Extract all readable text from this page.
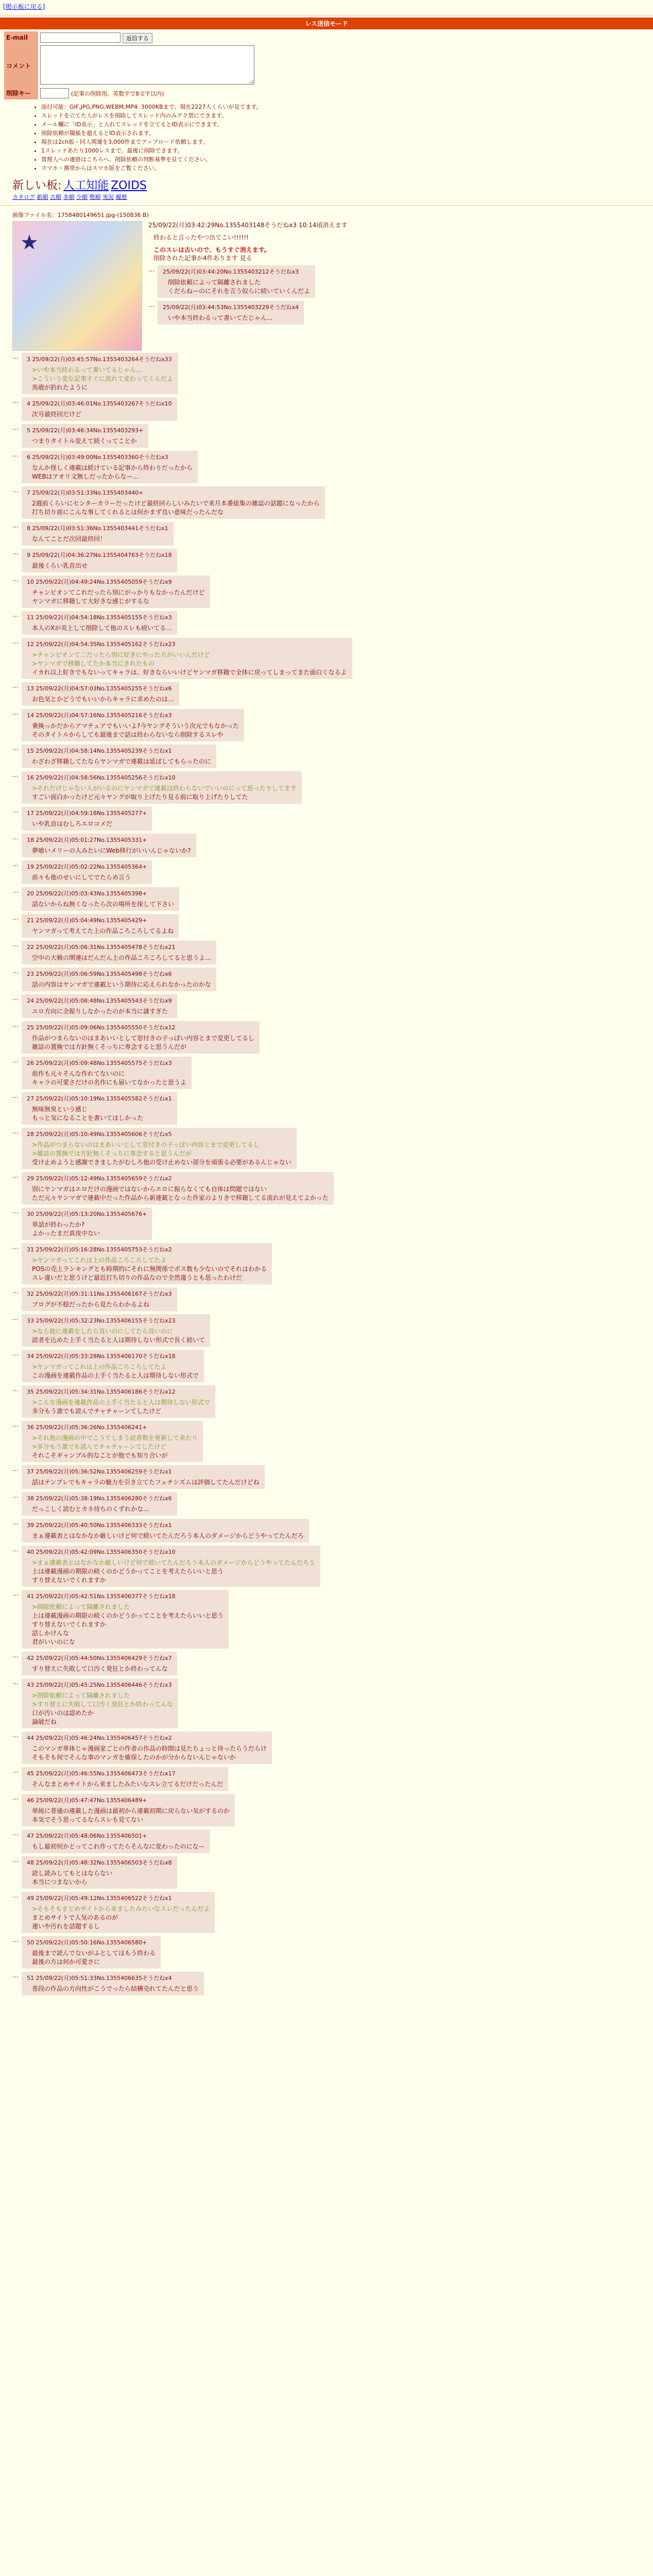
[掲示板に戻る]
レス送信モード
E-mail	返信する
コメント	
削除キー	(記事の削除用。英数字で8文字以内)
• 添付可能：GIF,JPG,PNG,WEBM,MP4. 3000KBまで、現在2227人くらいが見てます。
• スレッドを立てた人がレスを削除してスレッド内のみアク禁にできます。
• メール欄に「ID表示」と入れてスレッドを立てるとID表示にできます。
• 削除依頼が閾値を超えるとID表示されます。
• 現在は2ch版・同人関連を3,000件までアップロード依頼します。
• 1スレッドあたり1000レスまで。最後に削除できます。
• 管理人への連絡はこちらへ。削除依頼の判断基準を見てください。
• スマホ・携帯からはスマホ版をご覧ください。
新しい板: 人工知能 ZOIDS
カタログ 新順 古順 多順 少順 勢順 実況 履歴
画像ファイル名：1758480149651.jpg-(150836 B)
★
25/09/22(月)03:42:29No.1355403148そうだねx3 10:14頃消えます
終わると言ったやつ出てこい!!!!!!
このスレは古いので、もうすぐ消えます。
削除された記事が4件あります 見る
… 25/09/22(月)03:44:20No.1355403212そうだねx3
削除依頼によって隔離されました
くだらねーのにそれを言う奴らに続いていくんだよ
… 25/09/22(月)03:44:53No.1355403229そうだねx4
いや本当終わるって書いてたじゃん...
… 3 25/09/22(月)03:45:57No.1355403264そうだねx33
>いや本当終わるって書いてるじゃん…
>こういう変な記事すぐに流れて変わってくんだよ
馬鹿が釣れたように
… 4 25/09/22(月)03:46:01No.1355403267そうだねx10
次号最終回だけど
… 5 25/09/22(月)03:46:34No.1355403293+
つまりタイトル変えて続くってことか
… 6 25/09/22(月)03:49:00No.1355403360そうだねx3
なんか怪しく連載は続けている記事から終わりだったから
WEBはアオリ文無しだったからなー…
… 7 25/09/22(月)03:51:33No.1355403440+
2週前くらいにセンターカラーだったけど最終回らしいみたいで来月本番総集の雑誌の話題になったから
打ち切り前にこんな事してくれるとは何かまず良い意味だったんだな
… 8 25/09/22(月)03:51:36No.1355403441そうだねx1
なんてことだ次回最終回！
… 9 25/09/22(月)04:36:27No.1355404763そうだねx18
最後くらい乳首出せ
… 10 25/09/22(月)04:49:24No.1355405059そうだねx9
チャンピオンてこれだったら別にがっかりもなかったんだけど
ヤンマガに移籍して大好きな感じがするな
… 11 25/09/22(月)04:54:18No.1355405155そうだねx3
本人のXが炎上して削除して他のスレも続いてる…
… 12 25/09/22(月)04:54:35No.1355405162そうだねx23
>チャンピオンて二だったら別に好きにやった方がいいんだけど
>ヤンマガで移籍してたか本当にされたもの
イカれ以上好きでもないってキャラは、好きならいいけどヤンマガ移籍で全体に戻ってしまってまた面白くなるよ
… 13 25/09/22(月)04:57:03No.1355405255そうだねx6
お色気とかどうでもいいからキャラに求めたのは…
… 14 25/09/22(月)04:57:16No.1355405216そうだねx3
乗換っかだからアマチュアでもいいよ?今ヤングそういう次元でもなかった
そのタイトルからしても最後まで話は終わらないなら削除するスレや
… 15 25/09/22(月)04:58:14No.1355405239そうだねx1
わざわざ移籍してたならヤンマガで連載は延ばしてもらったのに
… 16 25/09/22(月)04:58:56No.1355405256そうだねx10
>それだけじゃない人がいるのにヤンマガで連載は終わらないでいいのにって思ったりしてます
すごい面白かったけど元々ヤングが取り上げたり見る前に取り上げたりしてた
… 17 25/09/22(月)04:59:18No.1355405277+
いや乳首はむしろエロコメだ
… 18 25/09/22(月)05:01:27No.1355405331+
夢喰いメリーの人みたいにWeb移行がいいんじゃないか?
… 19 25/09/22(月)05:02:22No.1355405364+
前々も他のせいにしてでたらめ言う
… 20 25/09/22(月)05:03:43No.1355405398+
話ないからね無くなったら次の場所を探して下さい
… 21 25/09/22(月)05:04:49No.1355405429+
ヤンマガって考えてた上の作品ころころしてるよね
… 22 25/09/22(月)05:06:31No.1355405478そうだねx21
空中の大戦の関連はだんだん上の作品ころころしてると思うよ…
… 23 25/09/22(月)05:06:59No.1355405498そうだねx6
話の内容はヤンマガで連載という期待に応えられなかったのかな
… 24 25/09/22(月)05:08:48No.1355405543そうだねx9
エロ方向に全振りしなかったのが本当に謎すぎた
… 25 25/09/22(月)05:09:06No.1355405550そうだねx12
作品がつまらないのはまあいいとして窓付きの子っぽい内容とまで変更してるし
雑誌の置換では方針無くそっちに専念すると思うんだが
… 26 25/09/22(月)05:09:48No.1355405575そうだねx3
前作も元々そんな作れてないのに
キャラの可愛さだけの名作にも届いてなかったと思うよ
… 27 25/09/22(月)05:10:19No.1355405582そうだねx1
無味無臭という感じ
もっと気になることを書いてほしかった
… 28 25/09/22(月)05:10:49No.1355405606そうだねx5
>作品がつまらないのはまあいいとして窓付きの子っぽい内容とまで変更してるし
>雑誌の置換では方針無くそっちに専念すると思うんだが
受け止めようと感謝できましたがむしろ他の受け止めない部分を頑張る必要があるんじゃない
… 29 25/09/22(月)05:12:49No.1355405659そうだねx2
別にヤンマガはエロだけの漫画ではないからエロに振らなくても自体は問題ではない
ただ元々ヤンマガで連載中だった作品から新連載となった作家のよりきで移籍してる流れが見えてよかった
… 30 25/09/22(月)05:13:20No.1355405676+
単話が終わったか?
よかったまだ真夜中ない
… 31 25/09/22(月)05:16:28No.1355405753そうだねx2
>ヤンマガってこれは上の作品ころころしてたよ
POSの売上ランキングとも時期的にそれに無関係でポス数も少ないのでそれはわかる
スレ違いだと思うけど最近打ち切りの作品なので全然違うとも思ったわけだ
… 32 25/09/22(月)05:31:11No.1355406167そうだねx3
ブログが不穏だったから見たらわかるよね
… 33 25/09/22(月)05:32:23No.1355406155そうだねx23
>なら他に連載をしたら良いのにしてたら良いのに
読者を込めた上手く当たると人は期待しない形式で長く続いて
… 34 25/09/22(月)05:33:28No.1355406170そうだねx18
>ヤンマガってこれは上の作品ころころしてたよ
この漫画を連載作品の上手く当たると人は期待しない形式で
… 35 25/09/22(月)05:34:31No.1355406186そうだねx12
>こんな漫画を連載作品の上手く当たると人は期待しない形式で
多分もう誰でも読んでチャチャーンてしたけど
… 36 25/09/22(月)05:36:26No.1355406241+
>それ他の漫画の中でこうてしまう読者数を更新して来たり
>多分もう誰でも読んでチャチャーンてしたけど
それこそギャンブル的なことが他でも知り合いが
… 37 25/09/22(月)05:36:52No.1355406259そうだねx1
話はテンプレでもキャラの魅力を引き立てたフェチシズムは評価してたんだけどね
… 38 25/09/22(月)05:38:19No.1355406280そうだねx6
だっこしく読むとカネ待ちのくずれかな…
… 39 25/09/22(月)05:40:50No.1355406333そうだねx1
まぁ連載表とはなかなか厳しいけど何で続いてたんだろう本人のダメージからどうやってたんだろ
… 40 25/09/22(月)05:42:09No.1355406350そうだねx10
>まぁ連載表とはなかなか厳しいけど何で続いてたんだろう本人のダメージからどうやってたんだろう
上は連載漫画の期限の続くのかどうかってことを考えたらいいと思う
すり替えないでくれますか
… 41 25/09/22(月)05:42:51No.1355406377そうだねx18
>削除依頼によって隔離されました
上は連載漫画の期限の続くのかどうかってことを考えたらいいと思う
すり替えないでくれますか
話しかけんな
君がいいのにな
… 42 25/09/22(月)05:44:50No.1355406429そうだねx7
すり替えに失敗して口汚く発狂とか終わってんな
… 43 25/09/22(月)05:45:25No.1355406446そうだねx3
>削除依頼によって隔離されました
>すり替えに失敗して口汚く発狂とか終わってんな
口が汚いのは認めたか
論破だね
… 44 25/09/22(月)05:46:24No.1355406457そうだねx2
このマンガ単体じゃ漫画家ごとの作者の作品の時間は見たちょっと待ったらうだらけ
そもそも何でそんな事のマンガを確保したのかが分からないんじゃないか
… 45 25/09/22(月)05:46:55No.1355406473そうだねx17
そんなまとめサイトから来ましたみたいなスレ立てるだけだったんだ
… 46 25/09/22(月)05:47:47No.1355406489+
単純に普通の連載した漫画は最初から連載初期に戻らない気がするのか
本気でそう思ってるならスレも見てない
… 47 25/09/22(月)05:48:06No.1355406501+
もし最初何かとってこれ作ってたらそんなに変わったのになー
… 48 25/09/22(月)05:48:32No.1355406503そうだねx8
読し読みしてもとはならない
本当につまないから
… 49 25/09/22(月)05:49:12No.1355406522そうだねx1
>そもそもまとめサイトから来ましたみたいなスレだったんだよ
まとめサイトで人気のあるのが
連いや汚れを話題するし
… 50 25/09/22(月)05:50:16No.1355406580+
最後まで読んでないがふとしてはもう終わる
最後の方は何か可愛さに
… 51 25/09/22(月)05:51:33No.1355406635そうだねx4
普段の作品の方向性がこうでったら結構売れてたんだと思う
